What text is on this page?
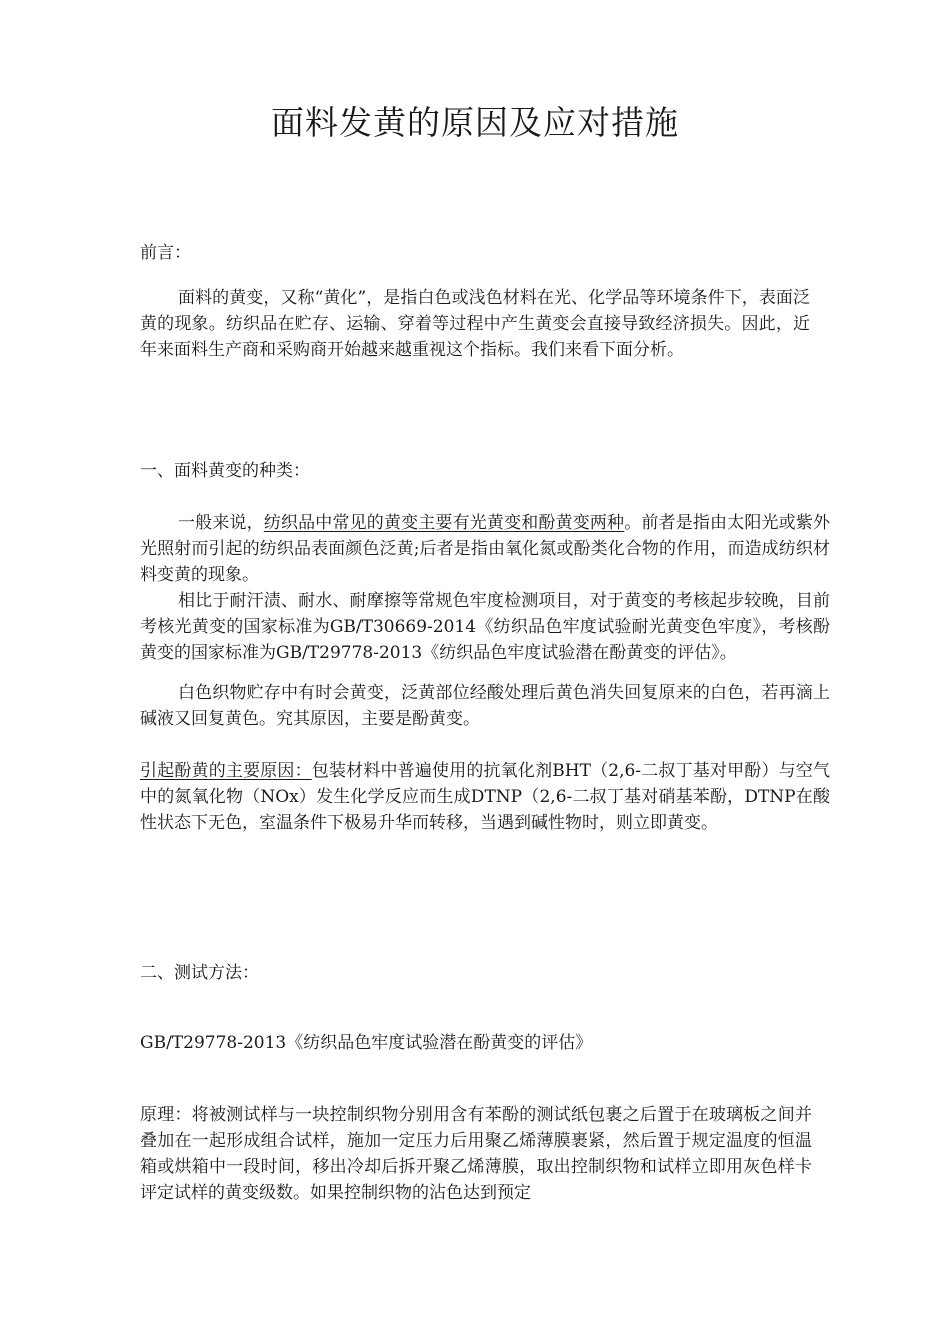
面料发黄的原因及应对措施

前言：

面料的黄变，又称“黄化”，是指白色或浅色材料在光、化学品等环境条件下，表面泛黄的现象。纺织品在贮存、运输、穿着等过程中产生黄变会直接导致经济损失。因此，近年来面料生产商和采购商开始越来越重视这个指标。我们来看下面分析。

一、面料黄变的种类：

一般来说，纺织品中常见的黄变主要有光黄变和酚黄变两种。前者是指由太阳光或紫外光照射而引起的纺织品表面颜色泛黄;后者是指由氧化氮或酚类化合物的作用，而造成纺织材料变黄的现象。

相比于耐汗渍、耐水、耐摩擦等常规色牢度检测项目，对于黄变的考核起步较晚，目前考核光黄变的国家标准为GB/T30669-2014《纺织品色牢度试验耐光黄变色牢度》，考核酚黄变的国家标准为GB/T29778-2013《纺织品色牢度试验潜在酚黄变的评估》。

白色织物贮存中有时会黄变，泛黄部位经酸处理后黄色消失回复原来的白色，若再滴上碱液又回复黄色。究其原因，主要是酚黄变。

引起酚黄的主要原因：包装材料中普遍使用的抗氧化剂BHT（2,6-二叔丁基对甲酚）与空气中的氮氧化物（NOx）发生化学反应而生成DTNP（2,6-二叔丁基对硝基苯酚，DTNP在酸性状态下无色，室温条件下极易升华而转移，当遇到碱性物时，则立即黄变。

二、测试方法：

GB/T29778-2013《纺织品色牢度试验潜在酚黄变的评估》

原理：将被测试样与一块控制织物分别用含有苯酚的测试纸包裹之后置于在玻璃板之间并叠加在一起形成组合试样，施加一定压力后用聚乙烯薄膜裹紧，然后置于规定温度的恒温箱或烘箱中一段时间，移出冷却后拆开聚乙烯薄膜，取出控制织物和试样立即用灰色样卡评定试样的黄变级数。如果控制织物的沾色达到预定
